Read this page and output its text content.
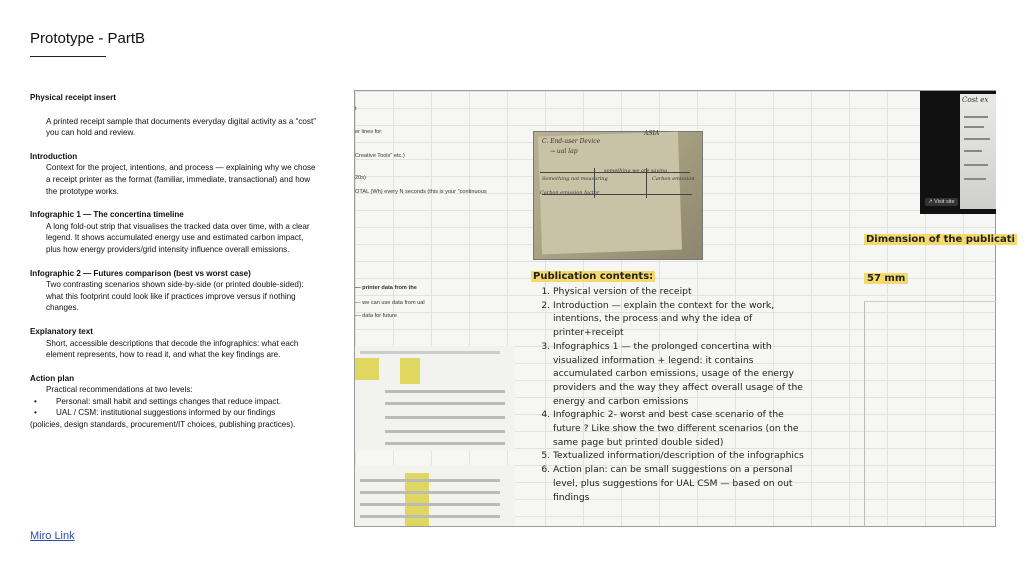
Prototype - PartB
Physical receipt insert
A printed receipt sample that documents everyday digital activity as a “cost” you can hold and review.
Introduction
Context for the project, intentions, and process — explaining why we chose a receipt printer as the format (familiar, immediate, transactional) and how the prototype works.
Infographic 1 — The concertina timeline
A long fold-out strip that visualises the tracked data over time, with a clear legend. It shows accumulated energy use and estimated carbon impact, plus how energy providers/grid intensity influence overall emissions.
Infographic 2 — Futures comparison (best vs worst case)
Two contrasting scenarios shown side-by-side (or printed double-sided): what this footprint could look like if practices improve versus if nothing changes.
Explanatory text
Short, accessible descriptions that decode the infographics: what each element represents, how to read it, and what the key findings are.
Action plan
Practical recommendations at two levels:
•	Personal: small habit and settings changes that reduce impact.
•	UAL / CSM: institutional suggestions informed by our findings
(policies, design standards, procurement/IT choices, publishing practices).
Miro Link
t
er lines for:
Creative Tools" etc.)
20s)
OTAL (Wh) every N seconds (this is your "continuous
— printer data from the
— we can use data from ual
— data for future
C. End-user Device
→ ual lap
ASIA
Something not measuring
something we are saying
Carbon emission
Carbon emission factor
Publication contents:
1. Physical version of the receipt
2. Introduction — explain the context for the work, intentions, the process and why the idea of printer+receipt
3. Infographics 1 — the prolonged concertina with visualized information + legend: it contains accumulated carbon emissions, usage of the energy providers and the way they affect overall usage of the energy and carbon emissions
4. Infographic 2- worst and best case scenario of the future ? Like show the two different scenarios (on the same page but printed double sided)
5. Textualized information/description of the infographics
6. Action plan: can be small suggestions on a personal level, plus suggestions for UAL CSM — based on out findings
Dimension of the publicati
57 mm
Cost ex
↗ Visit site
